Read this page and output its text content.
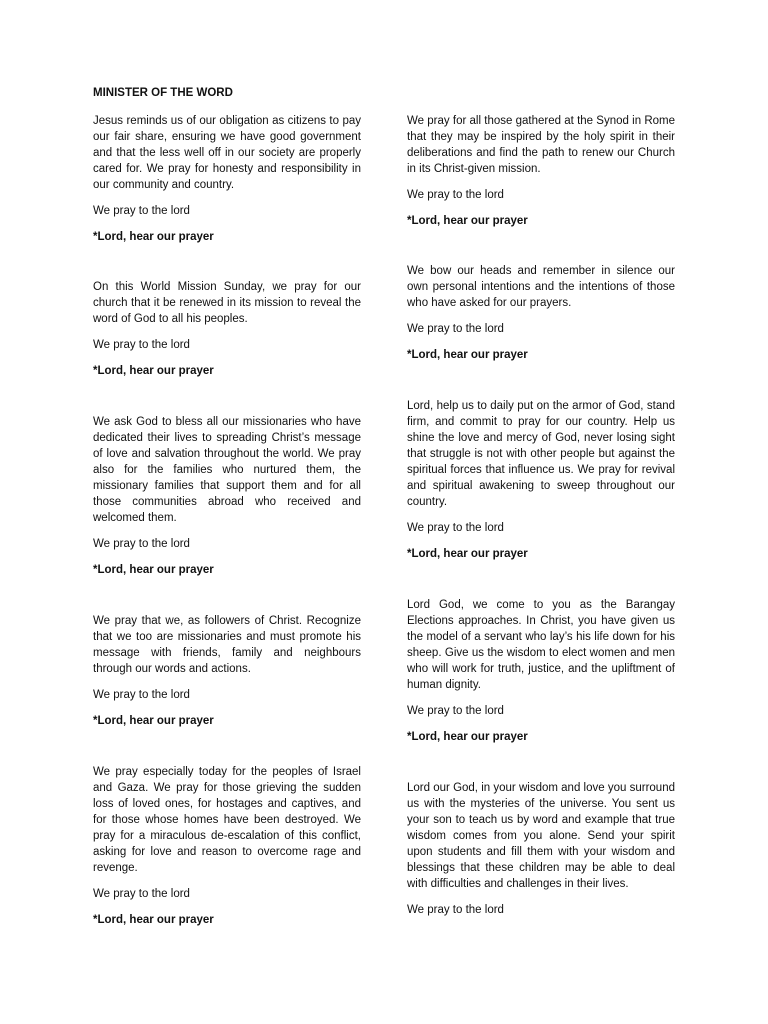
MINISTER OF THE WORD

Jesus reminds us of our obligation as citizens to pay our fair share, ensuring we have good government and that the less well off in our society are properly cared for. We pray for honesty and responsibility in our community and country.

We pray to the lord

*Lord, hear our prayer

On this World Mission Sunday, we pray for our church that it be renewed in its mission to reveal the word of God to all his peoples.

We pray to the lord

*Lord, hear our prayer

We ask God to bless all our missionaries who have dedicated their lives to spreading Christ’s message of love and salvation throughout the world. We pray also for the families who nurtured them, the missionary families that support them and for all those communities abroad who received and welcomed them.

We pray to the lord

*Lord, hear our prayer

We pray that we, as followers of Christ. Recognize that we too are missionaries and must promote his message with friends, family and neighbours through our words and actions.

We pray to the lord

*Lord, hear our prayer

We pray especially today for the peoples of Israel and Gaza. We pray for those grieving the sudden loss of loved ones, for hostages and captives, and for those whose homes have been destroyed. We pray for a miraculous de-escalation of this conflict, asking for love and reason to overcome rage and revenge.

We pray to the lord

*Lord, hear our prayer

We pray for all those gathered at the Synod in Rome that they may be inspired by the holy spirit in their deliberations and find the path to renew our Church in its Christ-given mission.

We pray to the lord

*Lord, hear our prayer

We bow our heads and remember in silence our own personal intentions and the intentions of those who have asked for our prayers.

We pray to the lord

*Lord, hear our prayer

Lord, help us to daily put on the armor of God, stand firm, and commit to pray for our country. Help us shine the love and mercy of God, never losing sight that struggle is not with other people but against the spiritual forces that influence us. We pray for revival and spiritual awakening to sweep throughout our country.

We pray to the lord

*Lord, hear our prayer

Lord God, we come to you as the Barangay Elections approaches. In Christ, you have given us the model of a servant who lay’s his life down for his sheep. Give us the wisdom to elect women and men who will work for truth, justice, and the upliftment of human dignity.

We pray to the lord

*Lord, hear our prayer

Lord our God, in your wisdom and love you surround us with the mysteries of the universe. You sent us your son to teach us by word and example that true wisdom comes from you alone. Send your spirit upon students and fill them with your wisdom and blessings that these children may be able to deal with difficulties and challenges in their lives.

We pray to the lord
